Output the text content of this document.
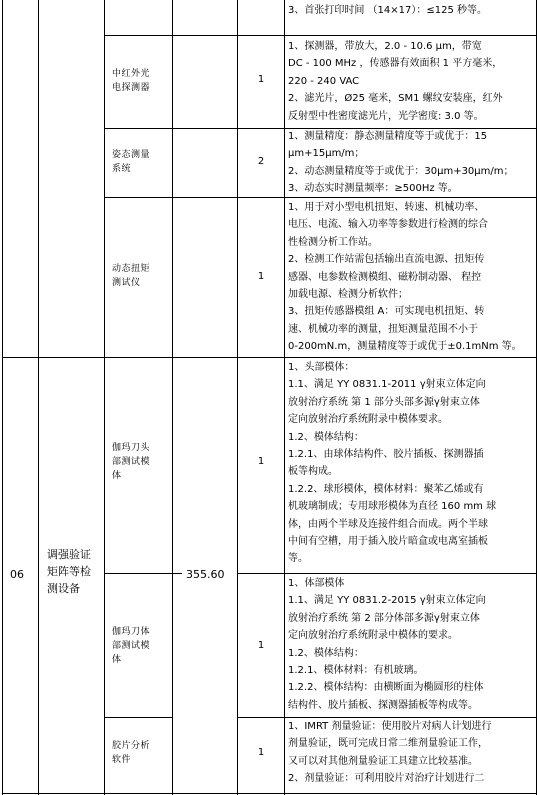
3、首张打印时间 （14×17）：≤125 秒等。
中红外光
电探测器
1
1、探测器，带放大，2.0 - 10.6 μm，带宽
DC - 100 MHz ，传感器有效面积 1 平方毫米，
220 - 240 VAC
2、滤光片，Ø25 毫米，SM1 螺纹安装座，红外
反射型中性密度滤光片，光学密度: 3.0 等。
姿态测量
系统
2
1、测量精度：静态测量精度等于或优于：15
μm+15μm/m；
2、动态测量精度等于或优于：30μm+30μm/m；
3、动态实时测量频率：≥500Hz 等。
动态扭矩
测试仪
1
1、用于对小型电机扭矩、转速、机械功率、
电压、电流、输入功率等参数进行检测的综合
性检测分析工作站。
2、检测工作站需包括输出直流电源、扭矩传
感器、电参数检测模组、磁粉制动器、 程控
加载电源、检测分析软件；
3、扭矩传感器模组 A：可实现电机扭矩、转
速、机械功率的测量，扭矩测量范围不小于
0-200mN.m，测量精度等于或优于±0.1mNm 等。
06
调强验证
矩阵等检
测设备
355.60
伽玛刀头
部测试模
体
1
1、头部模体：
1.1、满足 YY 0831.1-2011 γ射束立体定向
放射治疗系统 第 1 部分头部多源γ射束立体
定向放射治疗系统附录中模体要求。
1.2、模体结构：
1.2.1、由球体结构件、胶片插板、探测器插
板等构成。
1.2.2、球形模体，模体材料：聚苯乙烯或有
机玻璃制成；专用球形模体为直径 160 mm 球
体，由两个半球及连接件组合而成。两个半球
中间有空槽，用于插入胶片暗盒或电离室插板
等。
伽玛刀体
部测试模
体
1
1、体部模体
1.1、满足 YY 0831.2-2015 γ射束立体定向
放射治疗系统 第 2 部分体部多源γ射束立体
定向放射治疗系统附录中模体的要求。
1.2、模体结构：
1.2.1、模体材料：有机玻璃。
1.2.2、模体结构：由横断面为椭圆形的柱体
结构件、胶片插板、探测器插板等构成等。
胶片分析
软件
1
1、IMRT 剂量验证：使用胶片对病人计划进行
剂量验证，既可完成日常二维剂量验证工作，
又可以对其他剂量验证工具建立比较基准。
2、剂量验证：可利用胶片对治疗计划进行二
